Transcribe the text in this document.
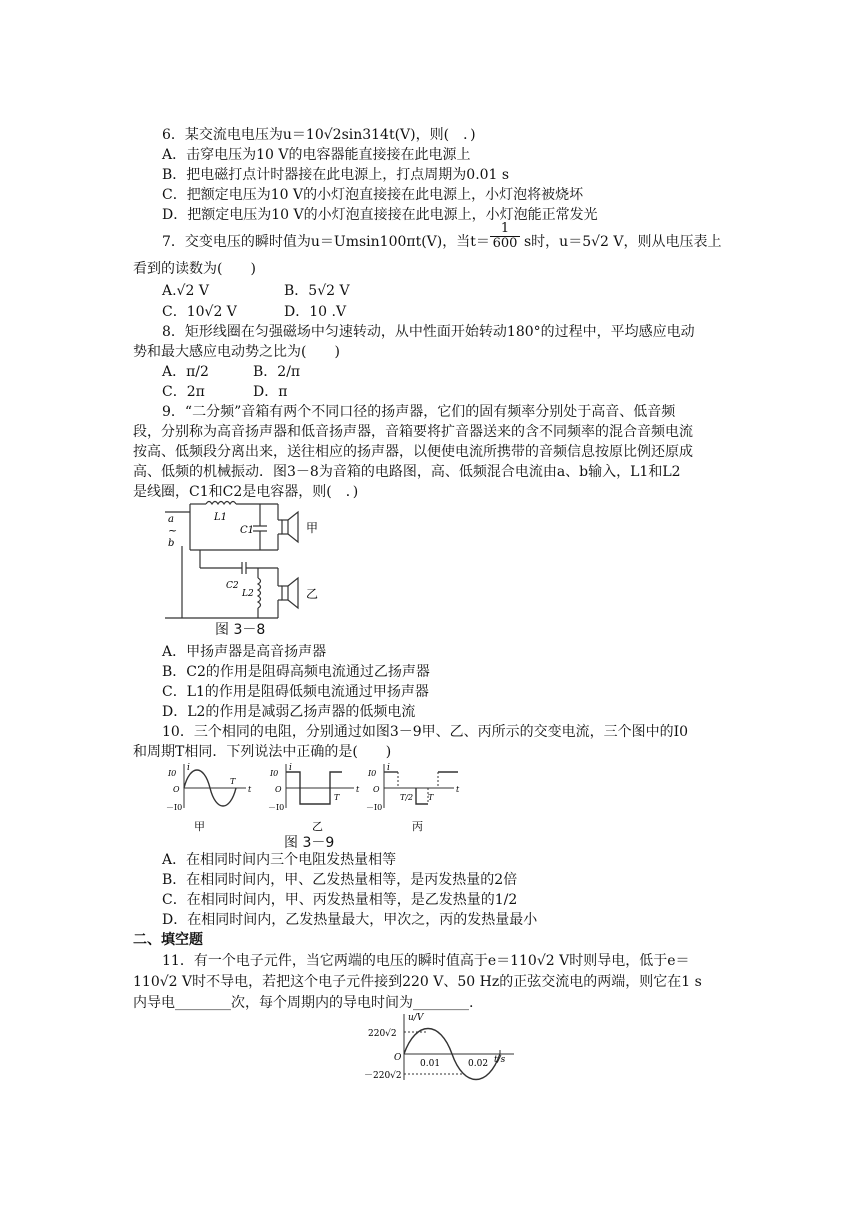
6．某交流电电压为u＝10√2sin314t(V)，则(　．)
A．击穿电压为10 V的电容器能直接接在此电源上
B．把电磁打点计时器接在此电源上，打点周期为0.01 s
C．把额定电压为10 V的小灯泡直接接在此电源上，小灯泡将被烧坏
D．把额定电压为10 V的小灯泡直接接在此电源上，小灯泡能正常发光
7．交变电压的瞬时值为u＝Umsin100πt(V)，当$t= \frac{1}{600}$ s时，u＝5√2 V，则从电压表上
看到的读数为(　　)
A.√2 V	B．5√2 V
C．10√2 V	D．10 .V
8．矩形线圈在匀强磁场中匀速转动，从中性面开始转动180°的过程中，平均感应电动
势和最大感应电动势之比为(　　)
A．π/2	B．2/π
C．2π	D．π
9．“二分频”音箱有两个不同口径的扬声器，它们的固有频率分别处于高音、低音频
段，分别称为高音扬声器和低音扬声器，音箱要将扩音器送来的含不同频率的混合音频电流
按高、低频段分离出来，送往相应的扬声器，以便使电流所携带的音频信息按原比例还原成
高、低频的机械振动．图3－8为音箱的电路图，高、低频混合电流由a、b输入，L1和L2
是线圈，C1和C2是电容器，则(　．)
a
~
b
L1
C1
C2
L2
甲
乙
图 3－8
A．甲扬声器是高音扬声器
B．C2的作用是阻碍高频电流通过乙扬声器
C．L1的作用是阻碍低频电流通过甲扬声器
D．L2的作用是减弱乙扬声器的低频电流
10．三个相同的电阻，分别通过如图3－9甲、乙、丙所示的交变电流，三个图中的I0
和周期T相同．下列说法中正确的是(　　)
i
I0
O
－I0
T
t
i
I0
O
－I0
T
t
i
I0
O
－I0
T/2 T
t
甲	乙	丙
图 3－9
A．在相同时间内三个电阻发热量相等
B．在相同时间内，甲、乙发热量相等，是丙发热量的2倍
C．在相同时间内，甲、丙发热量相等，是乙发热量的1/2
D．在相同时间内，乙发热量最大，甲次之，丙的发热量最小
二、填空题
11．有一个电子元件，当它两端的电压的瞬时值高于e＝110√2 V时则导电，低于e＝
110√2 V时不导电，若把这个电子元件接到220 V、50 Hz的正弦交流电的两端，则它在1 s
内导电________次，每个周期内的导电时间为________.
u/V
220√2
O
0.01	0.02 t/s
－220√2
